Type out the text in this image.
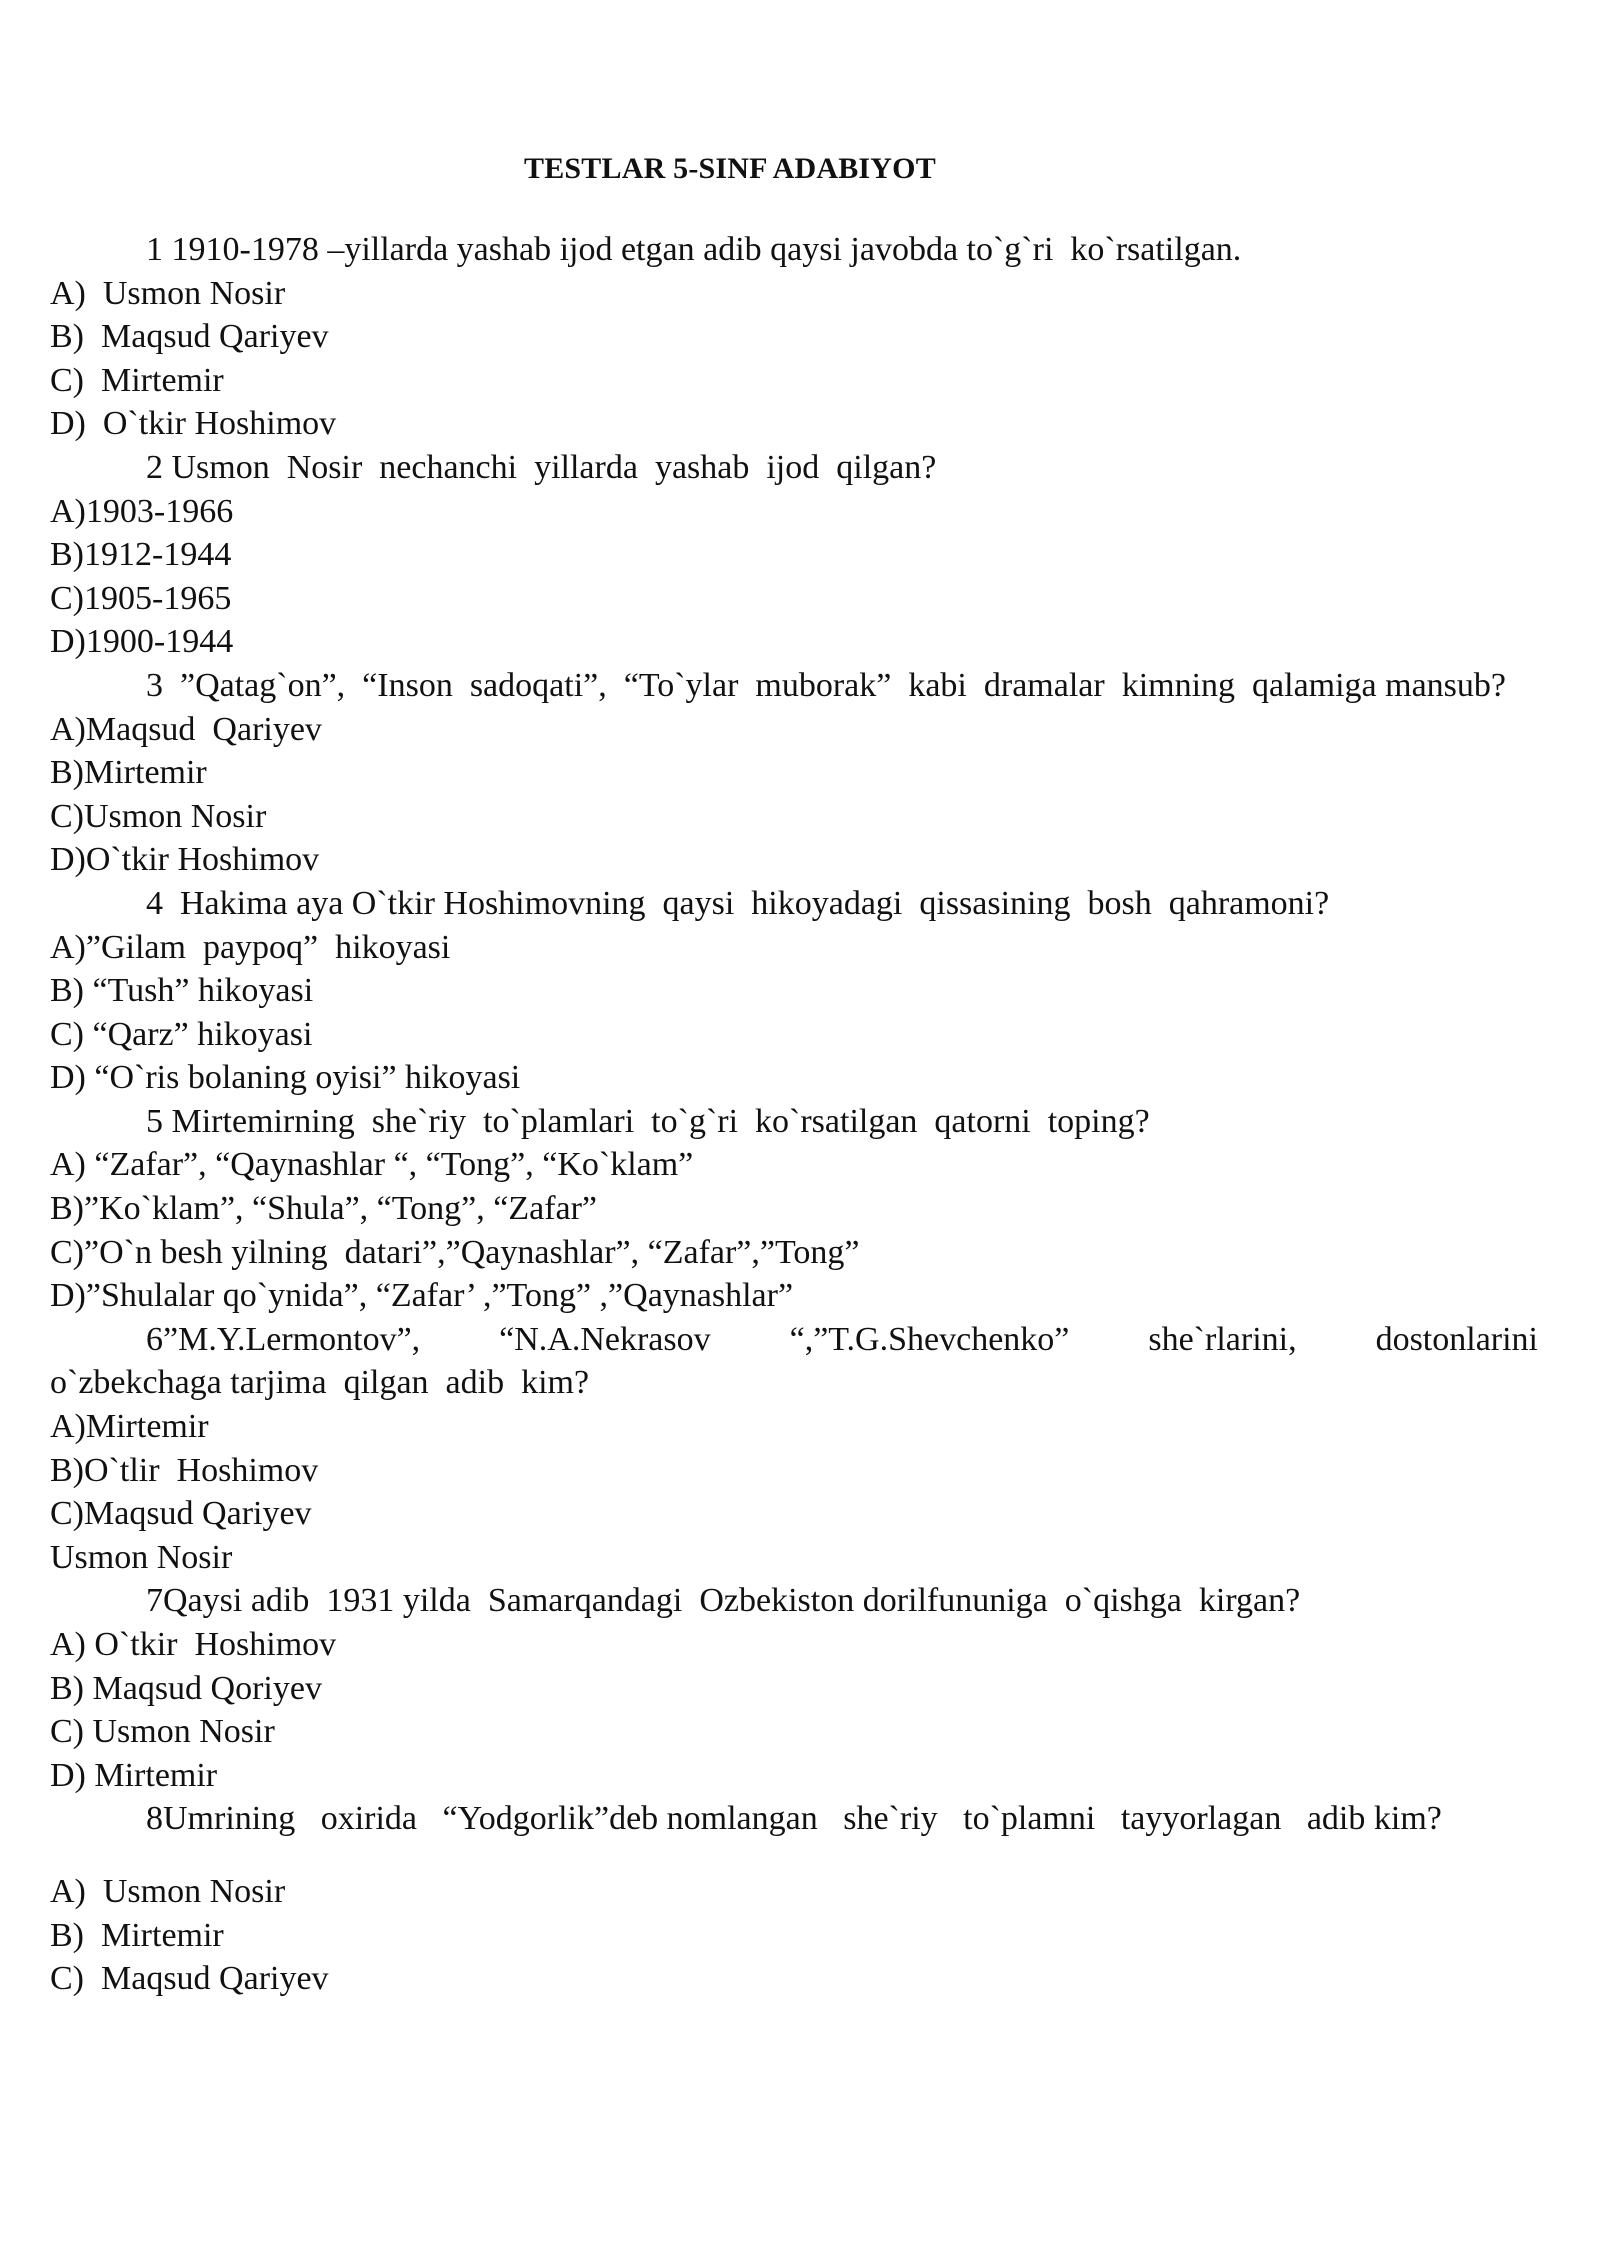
TESTLAR 5-SINF ADABIYOT

1 1910-1978 –yillarda yashab ijod etgan adib qaysi javobda to`g`ri  ko`rsatilgan.

A)  Usmon Nosir

B)  Maqsud Qariyev

C)  Mirtemir

D)  O`tkir Hoshimov

2 Usmon  Nosir  nechanchi  yillarda  yashab  ijod  qilgan?

A)1903-1966

B)1912-1944

C)1905-1965

D)1900-1944

3  ”Qatag`on”,  “Inson  sadoqati”,  “To`ylar  muborak”  kabi  dramalar  kimning  qalamiga mansub?

A)Maqsud  Qariyev

B)Mirtemir

C)Usmon Nosir

D)O`tkir Hoshimov

4  Hakima aya O`tkir Hoshimovning  qaysi  hikoyadagi  qissasining  bosh  qahramoni?

A)”Gilam  paypoq”  hikoyasi

B) “Tush” hikoyasi

C) “Qarz” hikoyasi

D) “O`ris bolaning oyisi” hikoyasi

5 Mirtemirning  she`riy  to`plamlari  to`g`ri  ko`rsatilgan  qatorni  toping?

A) “Zafar”, “Qaynashlar “, “Tong”, “Ko`klam”

B)”Ko`klam”, “Shula”, “Tong”, “Zafar”

C)”O`n besh yilning  datari”,”Qaynashlar”, “Zafar”,”Tong”

D)”Shulalar qo`ynida”, “Zafar’ ,”Tong” ,”Qaynashlar”

6”M.Y.Lermontov”,    “N.A.Nekrasov    “,”T.G.Shevchenko”    she`rlarini,    dostonlarini o`zbekchaga tarjima  qilgan  adib  kim?

A)Mirtemir

B)O`tlir  Hoshimov

C)Maqsud Qariyev

Usmon Nosir

7Qaysi adib  1931 yilda  Samarqandagi  Ozbekiston dorilfununiga  o`qishga  kirgan?

A) O`tkir  Hoshimov

B) Maqsud Qoriyev

C) Usmon Nosir

D) Mirtemir

8Umrining   oxirida   “Yodgorlik”deb nomlangan   she`riy   to`plamni   tayyorlagan   adib kim?

A)  Usmon Nosir

B)  Mirtemir

C)  Maqsud Qariyev
